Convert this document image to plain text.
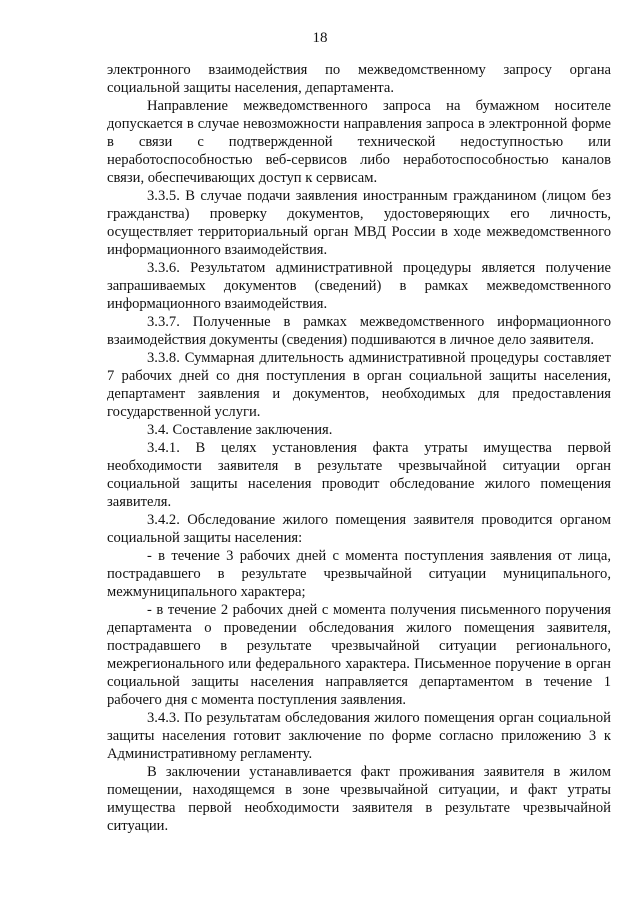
18

электронного взаимодействия по межведомственному запросу органа социальной защиты населения, департамента.

Направление межведомственного запроса на бумажном носителе допускается в случае невозможности направления запроса в электронной форме в связи с подтвержденной технической недоступностью или неработоспособностью веб-сервисов либо неработоспособностью каналов связи, обеспечивающих доступ к сервисам.

3.3.5. В случае подачи заявления иностранным гражданином (лицом без гражданства) проверку документов, удостоверяющих его личность, осуществляет территориальный орган МВД России в ходе межведомственного информационного взаимодействия.

3.3.6. Результатом административной процедуры является получение запрашиваемых документов (сведений) в рамках межведомственного информационного взаимодействия.

3.3.7. Полученные в рамках межведомственного информационного взаимодействия документы (сведения) подшиваются в личное дело заявителя.

3.3.8. Суммарная длительность административной процедуры составляет 7 рабочих дней со дня поступления в орган социальной защиты населения, департамент заявления и документов, необходимых для предоставления государственной услуги.

3.4. Составление заключения.

3.4.1. В целях установления факта утраты имущества первой необходимости заявителя в результате чрезвычайной ситуации орган социальной защиты населения проводит обследование жилого помещения заявителя.

3.4.2. Обследование жилого помещения заявителя проводится органом социальной защиты населения:

- в течение 3 рабочих дней с момента поступления заявления от лица, пострадавшего в результате чрезвычайной ситуации муниципального, межмуниципального характера;

- в течение 2 рабочих дней с момента получения письменного поручения департамента о проведении обследования жилого помещения заявителя, пострадавшего в результате чрезвычайной ситуации регионального, межрегионального или федерального характера. Письменное поручение в орган социальной защиты населения направляется департаментом в течение 1 рабочего дня с момента поступления заявления.

3.4.3. По результатам обследования жилого помещения орган социальной защиты населения готовит заключение по форме согласно приложению 3 к Административному регламенту.

В заключении устанавливается факт проживания заявителя в жилом помещении, находящемся в зоне чрезвычайной ситуации, и факт утраты имущества первой необходимости заявителя в результате чрезвычайной ситуации.
